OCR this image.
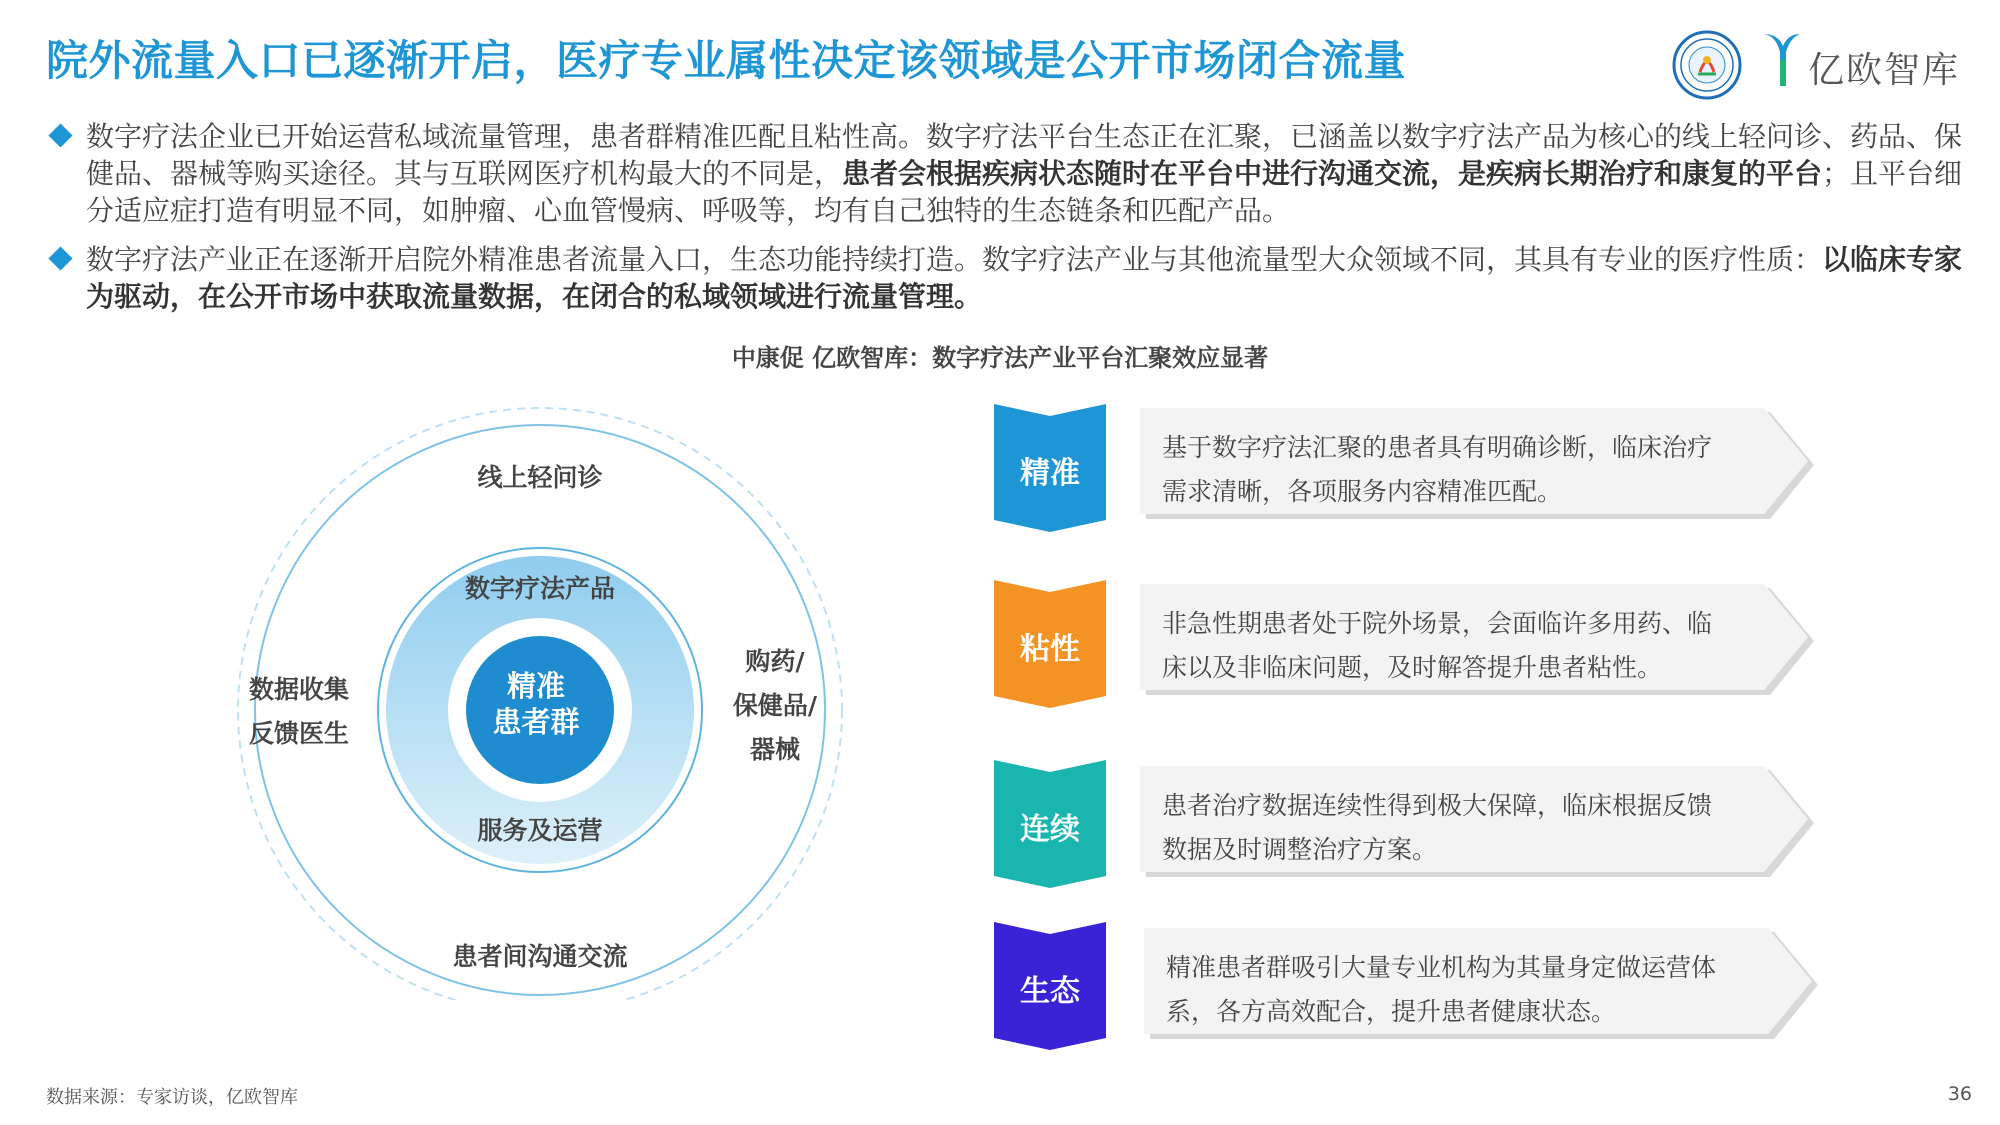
院外流量入口已逐渐开启，医疗专业属性决定该领域是公开市场闭合流量	亿欧智库
数字疗法企业已开始运营私域流量管理，患者群精准匹配且粘性高。数字疗法平台生态正在汇聚，已涵盖以数字疗法产品为核心的线上轻问诊、药品、保健品、器械等购买途径。其与互联网医疗机构最大的不同是，患者会根据疾病状态随时在平台中进行沟通交流，是疾病长期治疗和康复的平台；且平台细分适应症打造有明显不同，如肿瘤、心血管慢病、呼吸等，均有自己独特的生态链条和匹配产品。
数字疗法产业正在逐渐开启院外精准患者流量入口，生态功能持续打造。数字疗法产业与其他流量型大众领域不同，其具有专业的医疗性质：以临床专家为驱动，在公开市场中获取流量数据，在闭合的私域领域进行流量管理。
中康促 亿欧智库：数字疗法产业平台汇聚效应显著
线上轻问诊
数据收集
反馈医生
购药/
保健品/
器械
患者间沟通交流
数字疗法产品
服务及运营
精准
患者群
精准
基于数字疗法汇聚的患者具有明确诊断，临床治疗需求清晰，各项服务内容精准匹配。
粘性
非急性期患者处于院外场景，会面临许多用药、临床以及非临床问题，及时解答提升患者粘性。
连续
患者治疗数据连续性得到极大保障，临床根据反馈数据及时调整治疗方案。
生态
精准患者群吸引大量专业机构为其量身定做运营体系，各方高效配合，提升患者健康状态。
数据来源：专家访谈，亿欧智库	36
